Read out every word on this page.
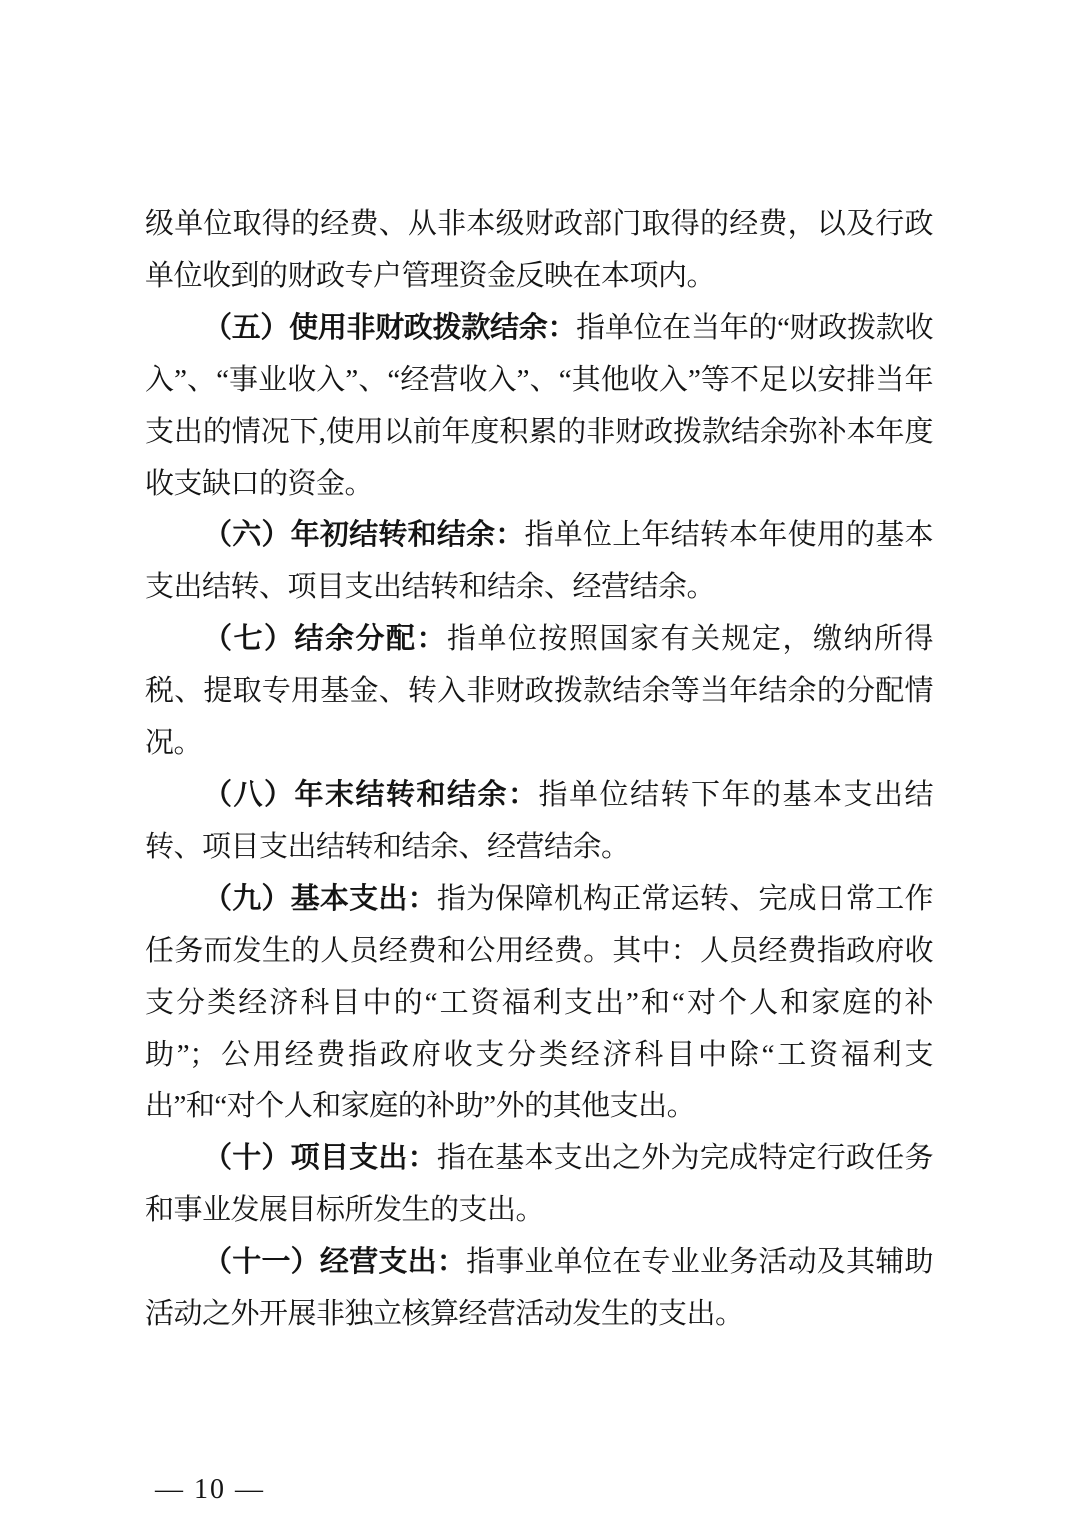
级单位取得的经费、从非本级财政部门取得的经费，以及行政单位收到的财政专户管理资金反映在本项内。

（五）使用非财政拨款结余：指单位在当年的“财政拨款收入”、“事业收入”、“经营收入”、“其他收入”等不足以安排当年支出的情况下,使用以前年度积累的非财政拨款结余弥补本年度收支缺口的资金。

（六）年初结转和结余：指单位上年结转本年使用的基本支出结转、项目支出结转和结余、经营结余。

（七）结余分配：指单位按照国家有关规定，缴纳所得税、提取专用基金、转入非财政拨款结余等当年结余的分配情况。

（八）年末结转和结余：指单位结转下年的基本支出结转、项目支出结转和结余、经营结余。

（九）基本支出：指为保障机构正常运转、完成日常工作任务而发生的人员经费和公用经费。其中：人员经费指政府收支分类经济科目中的“工资福利支出”和“对个人和家庭的补助”；公用经费指政府收支分类经济科目中除“工资福利支出”和“对个人和家庭的补助”外的其他支出。

（十）项目支出：指在基本支出之外为完成特定行政任务和事业发展目标所发生的支出。

（十一）经营支出：指事业单位在专业业务活动及其辅助活动之外开展非独立核算经营活动发生的支出。

— 10 —
